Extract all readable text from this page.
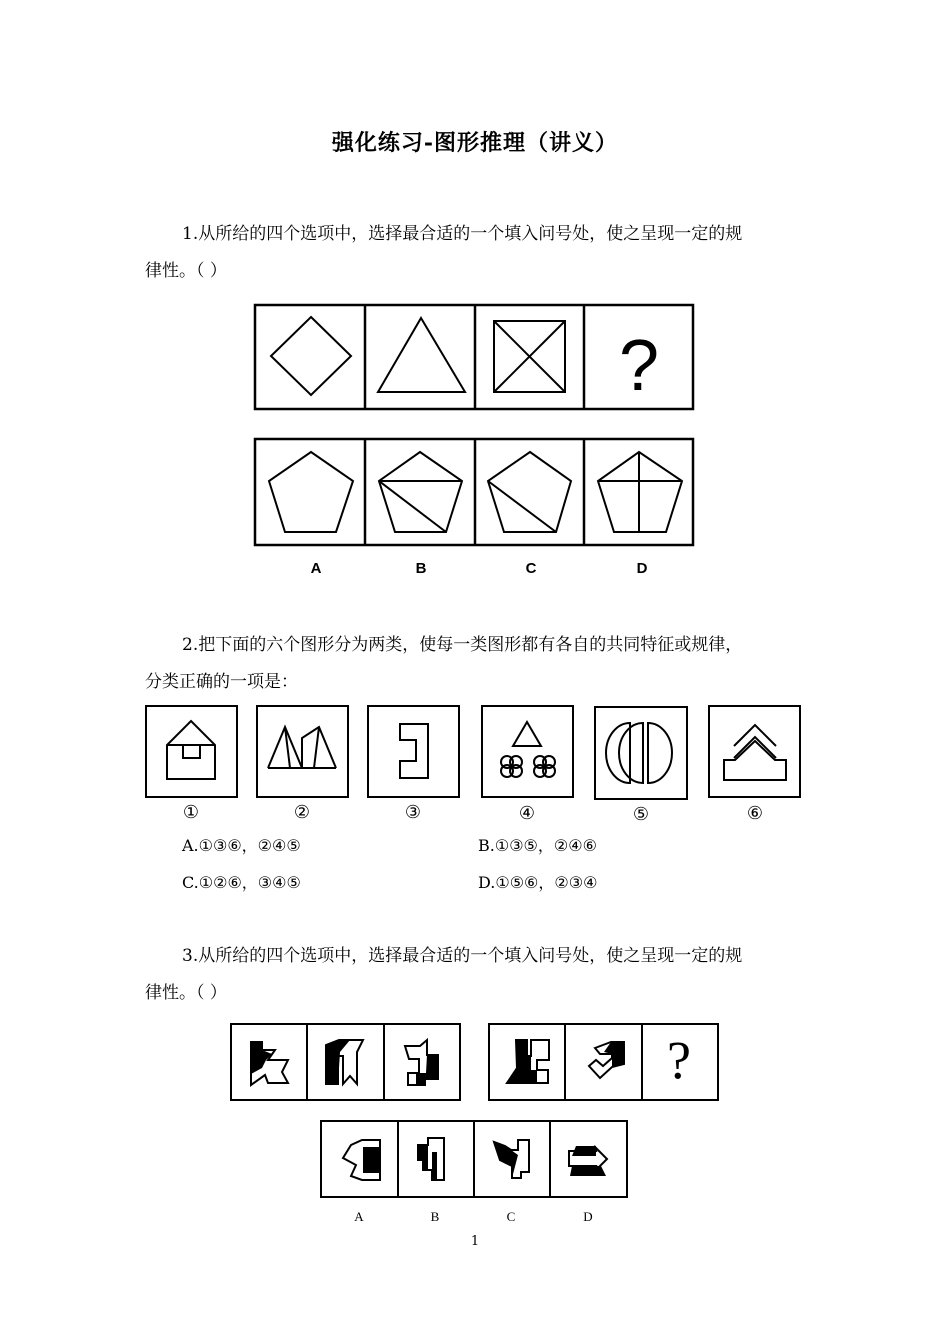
强化练习-图形推理（讲义）
1.从所给的四个选项中，选择最合适的一个填入问号处，使之呈现一定的规
律性。（ ）
2.把下面的六个图形分为两类，使每一类图形都有各自的共同特征或规律，
分类正确的一项是：
A.①③⑥，②④⑤	B.①③⑤，②④⑥
C.①②⑥，③④⑤	D.①⑤⑥，②③④
3.从所给的四个选项中，选择最合适的一个填入问号处，使之呈现一定的规
律性。（ ）
?
A	B	C	D
①	②	③	④	⑤	⑥
?
A	B	C	D
1
